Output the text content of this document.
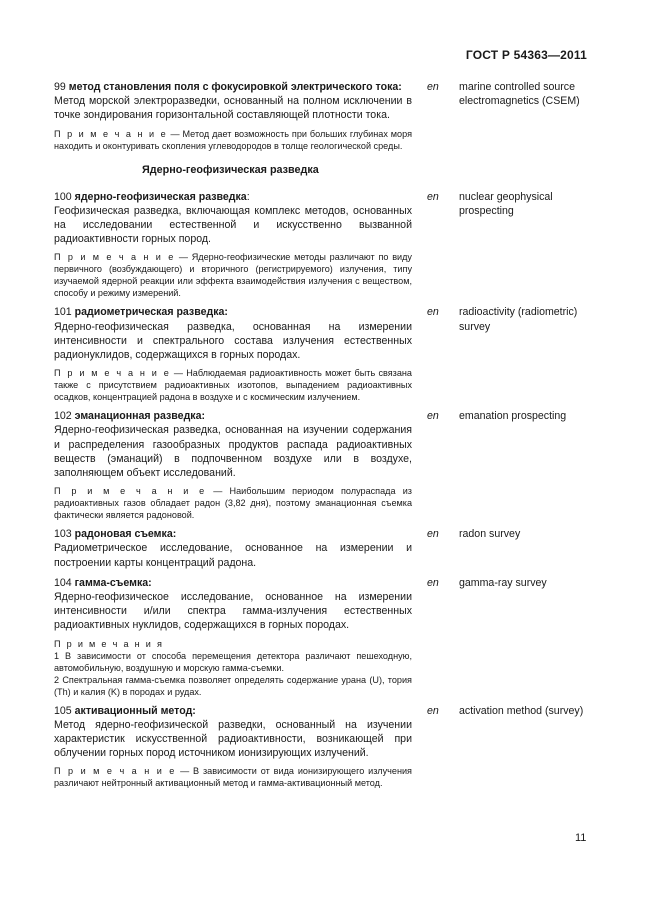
ГОСТ Р 54363—2011

99 метод становления поля с фокусировкой электрического тока:

Метод морской электроразведки, основанный на полном исключении в точке зондирования горизонтальной составляющей плотности тока.

П р и м е ч а н и е — Метод дает возможность при больших глубинах моря находить и оконтуривать скопления углеводородов в толще геологической среды.
en marine controlled source electromagnetics (CSEM)
Ядерно-геофизическая разведка

100 ядерно-геофизическая разведка:

Геофизическая разведка, включающая комплекс методов, основанных на исследовании естественной и искусственно вызванной радиоактивности горных пород.

П р и м е ч а н и е — Ядерно-геофизические методы различают по виду первичного (возбуждающего) и вторичного (регистрируемого) излучения, типу изучаемой ядерной реакции или эффекта взаимодействия излучения с веществом, способу и режиму измерений.
en nuclear geophysical prospecting

101 радиометрическая разведка:

Ядерно-геофизическая разведка, основанная на измерении интенсивности и спектрального состава излучения естественных радионуклидов, содержащихся в горных породах.

П р и м е ч а н и е — Наблюдаемая радиоактивность может быть связана также с присутствием радиоактивных изотопов, выпадением радиоактивных осадков, концентрацией радона в воздухе и с космическим излучением.
en radioactivity (radiometric) survey

102 эманационная разведка:

Ядерно-геофизическая разведка, основанная на изучении содержания и распределения газообразных продуктов распада радиоактивных веществ (эманаций) в подпочвенном воздухе или в воздухе, заполняющем объект исследований.

П р и м е ч а н и е — Наибольшим периодом полураспада из радиоактивных газов обладает радон (3,82 дня), поэтому эманационная съемка фактически является радоновой.
en emanation prospecting

103 радоновая съемка:

Радиометрическое исследование, основанное на измерении и построении карты концентраций радона.

en radon survey

104 гамма-съемка:

Ядерно-геофизическое исследование, основанное на измерении интенсивности и/или спектра гамма-излучения естественных радиоактивных нуклидов, содержащихся в горных породах.

П р и м е ч а н и я

1 В зависимости от способа перемещения детектора различают пешеходную, автомобильную, воздушную и морскую гамма-съемки.

2 Спектральная гамма-съемка позволяет определять содержание урана (U), тория (Th) и калия (K) в породах и рудах.

en gamma-ray survey

105 активационный метод:

Метод ядерно-геофизической разведки, основанный на изучении характеристик искусственной радиоактивности, возникающей при облучении горных пород источником ионизирующих излучений.

П р и м е ч а н и е — В зависимости от вида ионизирующего излучения различают нейтронный активационный метод и гамма-активационный метод.
en activation method (survey)
11
